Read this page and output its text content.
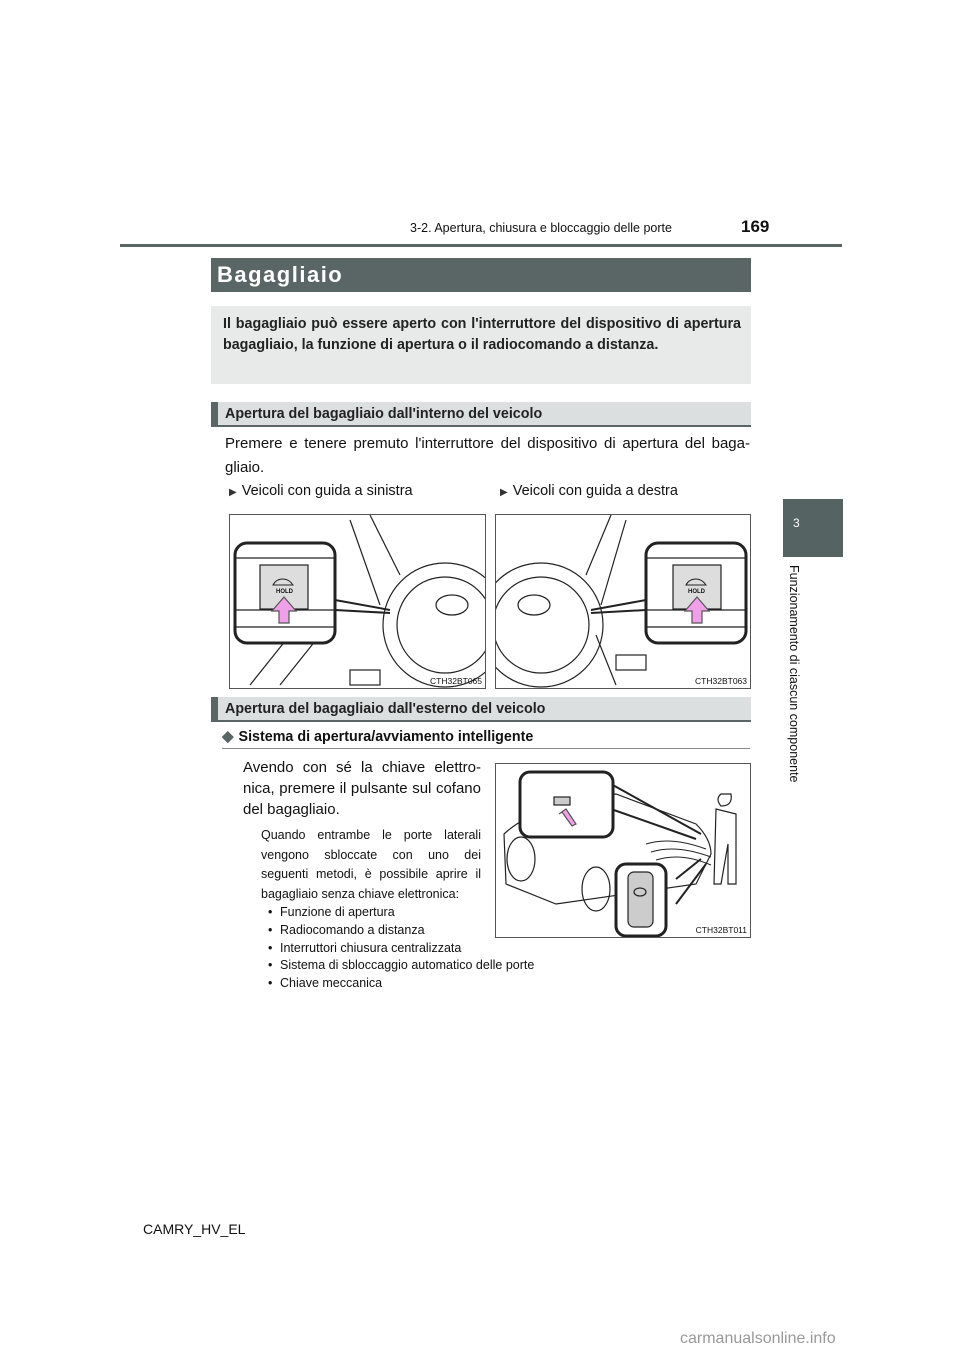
3-2. Apertura, chiusura e bloccaggio delle porte	169
3
Funzionamento di ciascun componente
Bagagliaio
Il bagagliaio può essere aperto con l'interruttore del dispositivo di apertura bagagliaio, la funzione di apertura o il radiocomando a distanza.
Apertura del bagagliaio dall'interno del veicolo
Premere e tenere premuto l'interruttore del dispositivo di apertura del baga-gliaio.
▶ Veicoli con guida a sinistra	▶ Veicoli con guida a destra
HOLD
CTH32BT065
HOLD
CTH32BT063
Apertura del bagagliaio dall'esterno del veicolo
◆ Sistema di apertura/avviamento intelligente
Avendo con sé la chiave elettro-nica, premere il pulsante sul cofano del bagagliaio.
Quando entrambe le porte laterali vengono sbloccate con uno dei seguenti metodi, è possibile aprire il bagagliaio senza chiave elettronica:
• Funzione di apertura
• Radiocomando a distanza
• Interruttori chiusura centralizzata
• Sistema di sbloccaggio automatico delle porte
• Chiave meccanica
CTH32BT011
CAMRY_HV_EL
carmanualsonline.info
